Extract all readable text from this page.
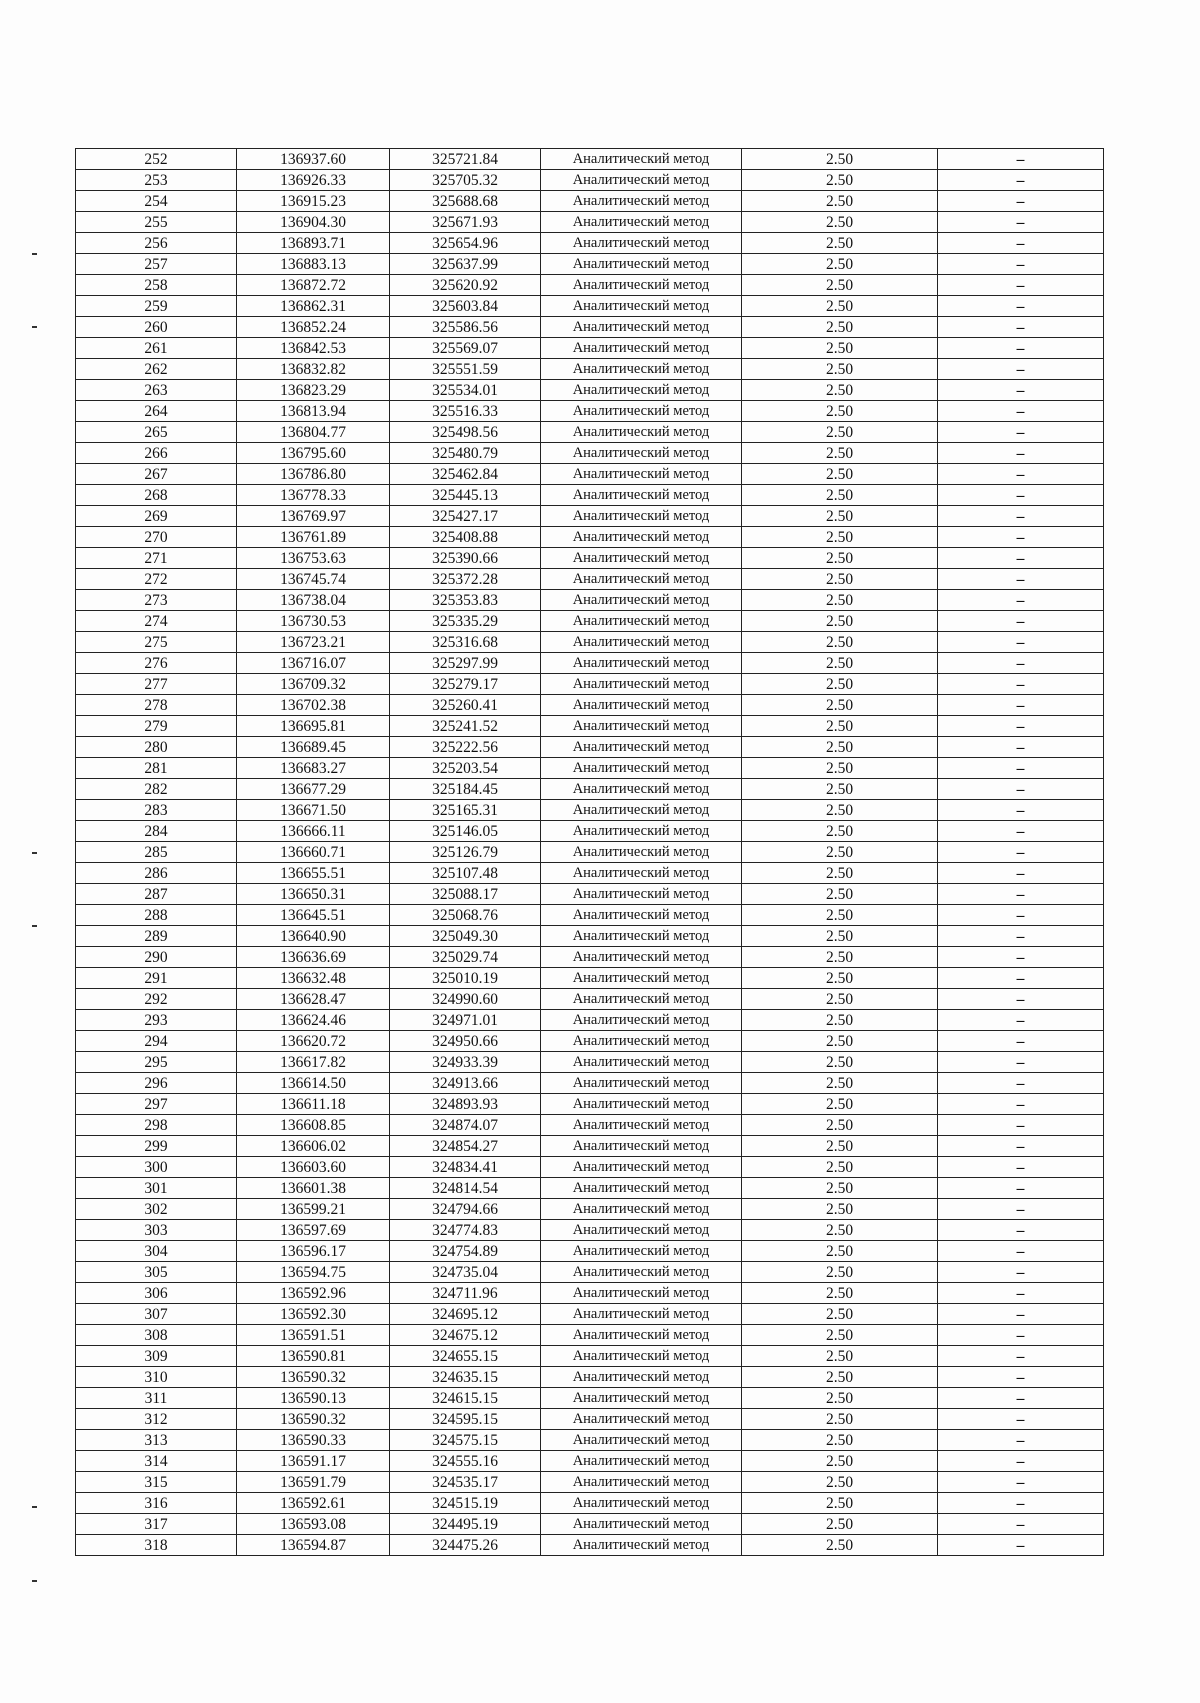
252	136937.60	325721.84	Аналитический метод	2.50	–
253	136926.33	325705.32	Аналитический метод	2.50	–
254	136915.23	325688.68	Аналитический метод	2.50	–
255	136904.30	325671.93	Аналитический метод	2.50	–
256	136893.71	325654.96	Аналитический метод	2.50	–
257	136883.13	325637.99	Аналитический метод	2.50	–
258	136872.72	325620.92	Аналитический метод	2.50	–
259	136862.31	325603.84	Аналитический метод	2.50	–
260	136852.24	325586.56	Аналитический метод	2.50	–
261	136842.53	325569.07	Аналитический метод	2.50	–
262	136832.82	325551.59	Аналитический метод	2.50	–
263	136823.29	325534.01	Аналитический метод	2.50	–
264	136813.94	325516.33	Аналитический метод	2.50	–
265	136804.77	325498.56	Аналитический метод	2.50	–
266	136795.60	325480.79	Аналитический метод	2.50	–
267	136786.80	325462.84	Аналитический метод	2.50	–
268	136778.33	325445.13	Аналитический метод	2.50	–
269	136769.97	325427.17	Аналитический метод	2.50	–
270	136761.89	325408.88	Аналитический метод	2.50	–
271	136753.63	325390.66	Аналитический метод	2.50	–
272	136745.74	325372.28	Аналитический метод	2.50	–
273	136738.04	325353.83	Аналитический метод	2.50	–
274	136730.53	325335.29	Аналитический метод	2.50	–
275	136723.21	325316.68	Аналитический метод	2.50	–
276	136716.07	325297.99	Аналитический метод	2.50	–
277	136709.32	325279.17	Аналитический метод	2.50	–
278	136702.38	325260.41	Аналитический метод	2.50	–
279	136695.81	325241.52	Аналитический метод	2.50	–
280	136689.45	325222.56	Аналитический метод	2.50	–
281	136683.27	325203.54	Аналитический метод	2.50	–
282	136677.29	325184.45	Аналитический метод	2.50	–
283	136671.50	325165.31	Аналитический метод	2.50	–
284	136666.11	325146.05	Аналитический метод	2.50	–
285	136660.71	325126.79	Аналитический метод	2.50	–
286	136655.51	325107.48	Аналитический метод	2.50	–
287	136650.31	325088.17	Аналитический метод	2.50	–
288	136645.51	325068.76	Аналитический метод	2.50	–
289	136640.90	325049.30	Аналитический метод	2.50	–
290	136636.69	325029.74	Аналитический метод	2.50	–
291	136632.48	325010.19	Аналитический метод	2.50	–
292	136628.47	324990.60	Аналитический метод	2.50	–
293	136624.46	324971.01	Аналитический метод	2.50	–
294	136620.72	324950.66	Аналитический метод	2.50	–
295	136617.82	324933.39	Аналитический метод	2.50	–
296	136614.50	324913.66	Аналитический метод	2.50	–
297	136611.18	324893.93	Аналитический метод	2.50	–
298	136608.85	324874.07	Аналитический метод	2.50	–
299	136606.02	324854.27	Аналитический метод	2.50	–
300	136603.60	324834.41	Аналитический метод	2.50	–
301	136601.38	324814.54	Аналитический метод	2.50	–
302	136599.21	324794.66	Аналитический метод	2.50	–
303	136597.69	324774.83	Аналитический метод	2.50	–
304	136596.17	324754.89	Аналитический метод	2.50	–
305	136594.75	324735.04	Аналитический метод	2.50	–
306	136592.96	324711.96	Аналитический метод	2.50	–
307	136592.30	324695.12	Аналитический метод	2.50	–
308	136591.51	324675.12	Аналитический метод	2.50	–
309	136590.81	324655.15	Аналитический метод	2.50	–
310	136590.32	324635.15	Аналитический метод	2.50	–
311	136590.13	324615.15	Аналитический метод	2.50	–
312	136590.32	324595.15	Аналитический метод	2.50	–
313	136590.33	324575.15	Аналитический метод	2.50	–
314	136591.17	324555.16	Аналитический метод	2.50	–
315	136591.79	324535.17	Аналитический метод	2.50	–
316	136592.61	324515.19	Аналитический метод	2.50	–
317	136593.08	324495.19	Аналитический метод	2.50	–
318	136594.87	324475.26	Аналитический метод	2.50	–
